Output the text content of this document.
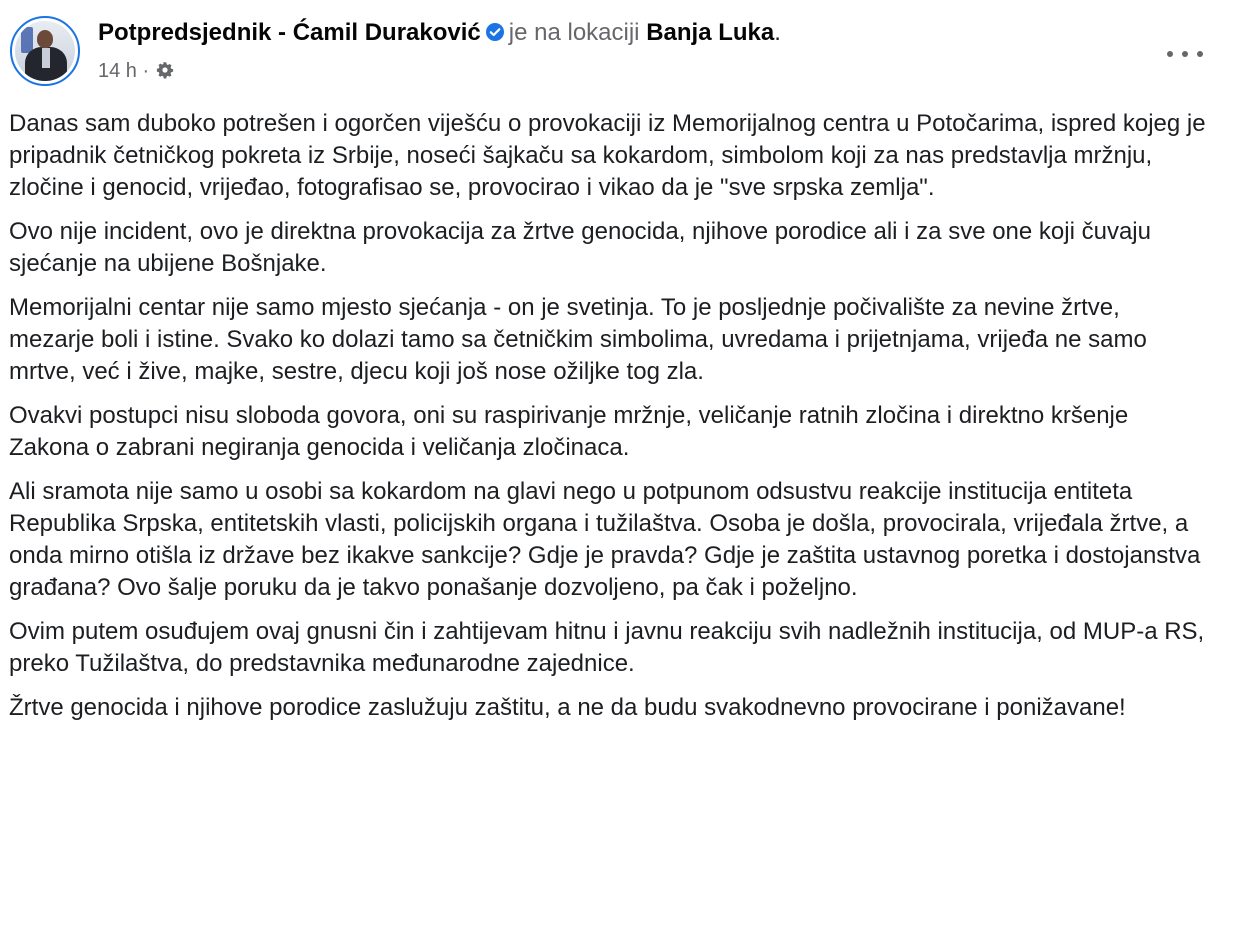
Potpredsjednik - Ćamil Duraković je na lokaciji Banja Luka.
14 h ·

Danas sam duboko potrešen i ogorčen viješću o provokaciji iz Memorijalnog centra u Potočarima, ispred kojeg je pripadnik četničkog pokreta iz Srbije, noseći šajkaču sa kokardom, simbolom koji za nas predstavlja mržnju, zločine i genocid, vrijeđao, fotografisao se, provocirao i vikao da je "sve srpska zemlja".

Ovo nije incident, ovo je direktna provokacija za žrtve genocida, njihove porodice ali i za sve one koji čuvaju sjećanje na ubijene Bošnjake.

Memorijalni centar nije samo mjesto sjećanja - on je svetinja. To je posljednje počivalište za nevine žrtve, mezarje boli i istine. Svako ko dolazi tamo sa četničkim simbolima, uvredama i prijetnjama, vrijeđa ne samo mrtve, već i žive, majke, sestre, djecu koji još nose ožiljke tog zla.

Ovakvi postupci nisu sloboda govora, oni su raspirivanje mržnje, veličanje ratnih zločina i direktno kršenje Zakona o zabrani negiranja genocida i veličanja zločinaca.

Ali sramota nije samo u osobi sa kokardom na glavi nego u potpunom odsustvu reakcije institucija entiteta Republika Srpska, entitetskih vlasti, policijskih organa i tužilaštva. Osoba je došla, provocirala, vrijeđala žrtve, a onda mirno otišla iz države bez ikakve sankcije? Gdje je pravda? Gdje je zaštita ustavnog poretka i dostojanstva građana? Ovo šalje poruku da je takvo ponašanje dozvoljeno, pa čak i poželjno.

Ovim putem osuđujem ovaj gnusni čin i zahtijevam hitnu i javnu reakciju svih nadležnih institucija, od MUP-a RS, preko Tužilaštva, do predstavnika međunarodne zajednice.

Žrtve genocida i njihove porodice zaslužuju zaštitu, a ne da budu svakodnevno provocirane i ponižavane!
